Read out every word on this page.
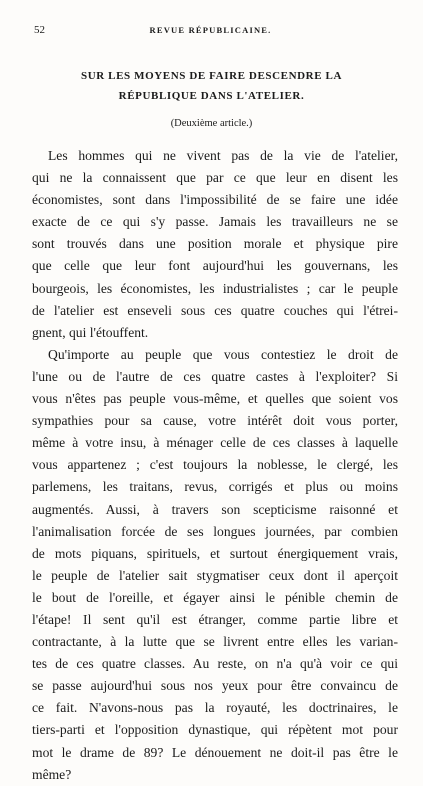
52	REVUE RÉPUBLICAINE.
SUR LES MOYENS DE FAIRE DESCENDRE LA
RÉPUBLIQUE DANS L'ATELIER.
(Deuxième article.)
Les hommes qui ne vivent pas de la vie de l'atelier,
qui ne la connaissent que par ce que leur en disent les
économistes, sont dans l'impossibilité de se faire une idée
exacte de ce qui s'y passe. Jamais les travailleurs ne se
sont trouvés dans une position morale et physique pire
que celle que leur font aujourd'hui les gouvernans, les
bourgeois, les économistes, les industrialistes ; car le peuple
de l'atelier est enseveli sous ces quatre couches qui l'étrei-
gnent, qui l'étouffent.
Qu'importe au peuple que vous contestiez le droit de
l'une ou de l'autre de ces quatre castes à l'exploiter? Si
vous n'êtes pas peuple vous-même, et quelles que soient vos
sympathies pour sa cause, votre intérêt doit vous porter,
même à votre insu, à ménager celle de ces classes à laquelle
vous appartenez ; c'est toujours la noblesse, le clergé, les
parlemens, les traitans, revus, corrigés et plus ou moins
augmentés. Aussi, à travers son scepticisme raisonné et
l'animalisation forcée de ses longues journées, par combien
de mots piquans, spirituels, et surtout énergiquement vrais,
le peuple de l'atelier sait stygmatiser ceux dont il aperçoit
le bout de l'oreille, et égayer ainsi le pénible chemin de
l'étape! Il sent qu'il est étranger, comme partie libre et
contractante, à la lutte que se livrent entre elles les varian-
tes de ces quatre classes. Au reste, on n'a qu'à voir ce qui
se passe aujourd'hui sous nos yeux pour être convaincu de
ce fait. N'avons-nous pas la royauté, les doctrinaires, le
tiers-parti et l'opposition dynastique, qui répètent mot pour
mot le drame de 89? Le dénouement ne doit-il pas être le
même?
